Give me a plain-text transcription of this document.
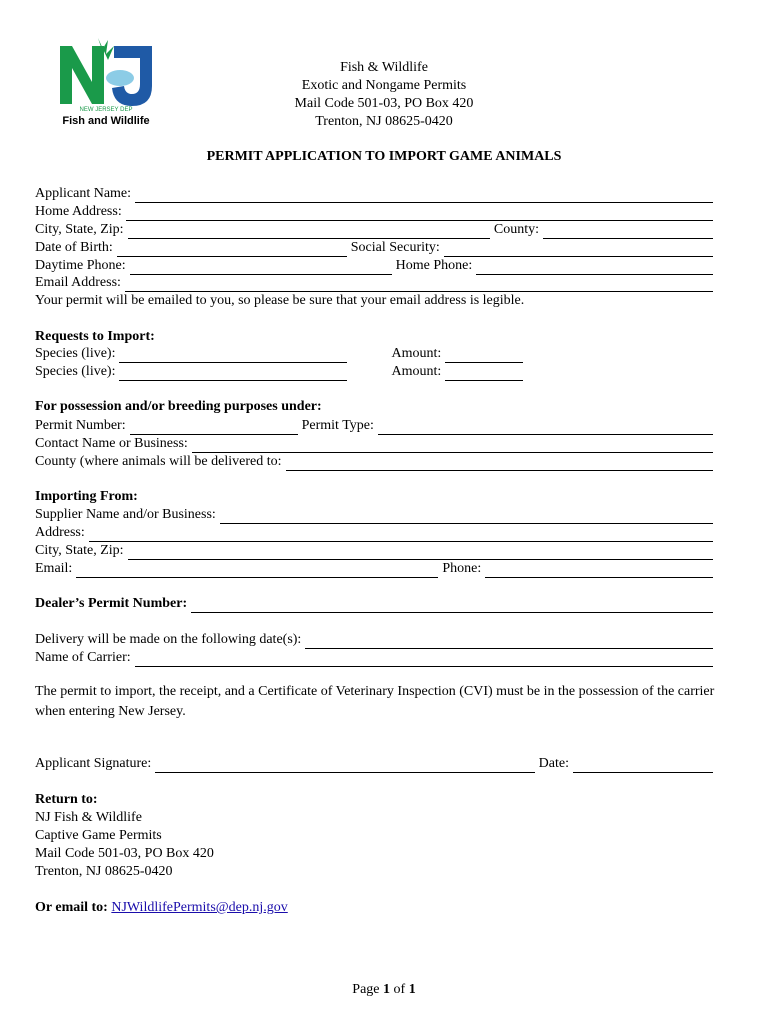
NEW JERSEY DEP
Fish and Wildlife
Fish & Wildlife
Exotic and Nongame Permits
Mail Code 501-03, PO Box 420
Trenton, NJ 08625-0420
PERMIT APPLICATION TO IMPORT GAME ANIMALS
Applicant Name:
Home Address:
City, State, Zip:	County:
Date of Birth:	Social Security:
Daytime Phone:	Home Phone:
Email Address:
Your permit will be emailed to you, so please be sure that your email address is legible.
Requests to Import:
Species (live):	Amount:
Species (live):	Amount:
For possession and/or breeding purposes under:
Permit Number:	Permit Type:
Contact Name or Business:
County (where animals will be delivered to:
Importing From:
Supplier Name and/or Business:
Address:
City, State, Zip:
Email:	Phone:
Dealer’s Permit Number:
Delivery will be made on the following date(s):
Name of Carrier:
The permit to import, the receipt, and a Certificate of Veterinary Inspection (CVI) must be in the possession of the carrier when entering New Jersey.
Applicant Signature:	Date:
Return to:
NJ Fish & Wildlife
Captive Game Permits
Mail Code 501-03, PO Box 420
Trenton, NJ 08625-0420
Or email to: NJWildlifePermits@dep.nj.gov
Page 1 of 1
